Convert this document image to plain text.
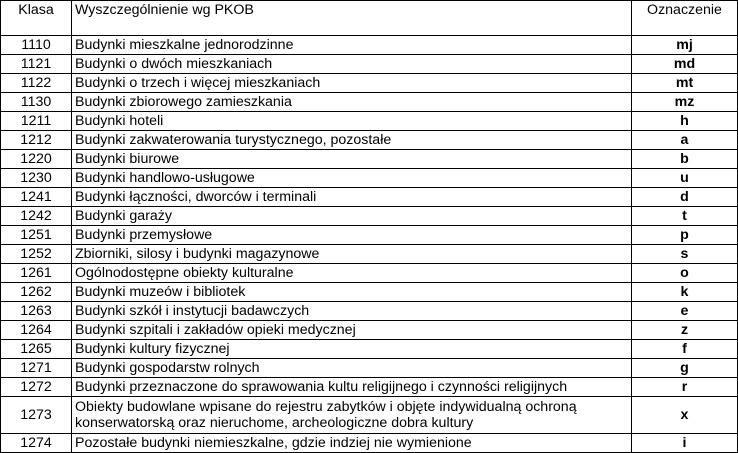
Klasa	Wyszczególnienie wg PKOB	Oznaczenie
1110	Budynki mieszkalne jednorodzinne	mj
1121	Budynki o dwóch mieszkaniach	md
1122	Budynki o trzech i więcej mieszkaniach	mt
1130	Budynki zbiorowego zamieszkania	mz
1211	Budynki hoteli	h
1212	Budynki zakwaterowania turystycznego, pozostałe	a
1220	Budynki biurowe	b
1230	Budynki handlowo-usługowe	u
1241	Budynki łączności, dworców i terminali	d
1242	Budynki garaży	t
1251	Budynki przemysłowe	p
1252	Zbiorniki, silosy i budynki magazynowe	s
1261	Ogólnodostępne obiekty kulturalne	o
1262	Budynki muzeów i bibliotek	k
1263	Budynki szkół i instytucji badawczych	e
1264	Budynki szpitali i zakładów opieki medycznej	z
1265	Budynki kultury fizycznej	f
1271	Budynki gospodarstw rolnych	g
1272	Budynki przeznaczone do sprawowania kultu religijnego i czynności religijnych	r
1273	Obiekty budowlane wpisane do rejestru zabytków i objęte indywidualną ochroną konserwatorską oraz nieruchome, archeologiczne dobra kultury	x
1274	Pozostałe budynki niemieszkalne, gdzie indziej nie wymienione	i
